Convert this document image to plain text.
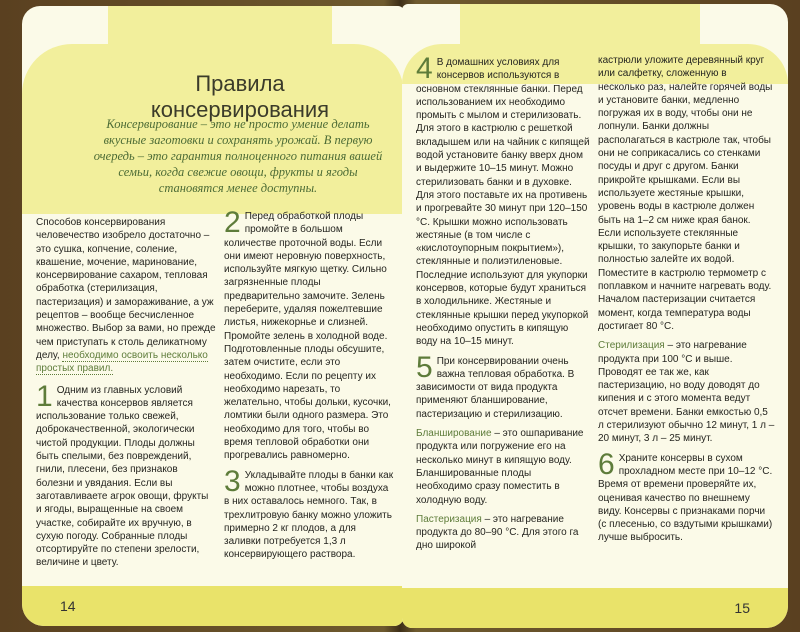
Правила
консервирования

Консервирование – это не просто умение делать вкусные заготовки и сохранять урожай. В первую очередь – это гарантия полноценного питания вашей семьи, когда свежие овощи, фрукты и ягоды становятся менее доступны.

Способов консервирования человечество изобрело достаточно – это сушка, копчение, соление, квашение, мочение, маринование, консервирование сахаром, тепловая обработка (стерилизация, пастеризация) и замораживание, а уж рецептов – вообще бесчисленное множество. Выбор за вами, но прежде чем приступать к столь деликатному делу, необходимо освоить несколько простых правил.

1 Одним из главных условий качества консервов является использование только свежей, доброкачественной, экологически чистой продукции. Плоды должны быть спелыми, без повреждений, гнили, плесени, без признаков болезни и увядания. Если вы заготавливаете агрок овощи, фрукты и ягоды, выращенные на своем участке, собирайте их вручную, в сухую погоду. Собранные плоды отсортируйте по степени зрелости, величине и цвету.

2 Перед обработкой плоды промойте в большом количестве проточной воды. Если они имеют неровную поверхность, используйте мягкую щетку. Сильно загрязненные плоды предварительно замочите. Зелень переберите, удаляя пожелтевшие листья, нижекорнье и слизней. Промойте зелень в холодной воде. Подготовленные плоды обсушите, затем очистите, если это необходимо. Если по рецепту их необходимо нарезать, то желательно, чтобы дольки, кусочки, ломтики были одного размера. Это необходимо для того, чтобы во время тепловой обработки они прогревались равномерно.

3 Укладывайте плоды в банки как можно плотнее, чтобы воздуха в них оставалось немного. Так, в трехлитровую банку можно уложить примерно 2 кг плодов, а для заливки потребуется 1,3 л консервирующего раствора.

14

4 В домашних условиях для консервов используются в основном стеклянные банки. Перед использованием их необходимо промыть с мылом и стерилизовать. Для этого в кастрюлю с решеткой вкладышем или на чайник с кипящей водой установите банку вверх дном и выдержите 10–15 минут. Можно стерилизовать банки и в духовке. Для этого поставьте их на противень и прогревайте 30 минут при 120–150 °С. Крышки можно использовать жестяные (в том числе с «кислотоупорным покрытием»), стеклянные и полиэтиленовые. Последние используют для укупорки консервов, которые будут храниться в холодильнике. Жестяные и стеклянные крышки перед укупоркой необходимо опустить в кипящую воду на 10–15 минут.

5 При консервировании очень важна тепловая обработка. В зависимости от вида продукта применяют бланширование, пастеризацию и стерилизацию.

Бланширование – это ошпаривание продукта или погружение его на несколько минут в кипящую воду. Бланшированные плоды необходимо сразу поместить в холодную воду.

Пастеризация – это нагревание продукта до 80–90 °С. Для этого га дно широкой

кастрюли уложите деревянный круг или салфетку, сложенную в несколько раз, налейте горячей воды и установите банки, медленно погружая их в воду, чтобы они не лопнули. Банки должны располагаться в кастрюле так, чтобы они не соприкасались со стенками посуды и друг с другом. Банки прикройте крышками. Если вы используете жестяные крышки, уровень воды в кастрюле должен быть на 1–2 см ниже края банок. Если используете стеклянные крышки, то закупорьте банки и полностью залейте их водой. Поместите в кастрюлю термометр с поплавком и начните нагревать воду. Началом пастеризации считается момент, когда температура воды достигает 80 °С.

Стерилизация – это нагревание продукта при 100 °С и выше. Проводят ее так же, как пастеризацию, но воду доводят до кипения и с этого момента ведут отсчет времени. Банки емкостью 0,5 л стерилизуют обычно 12 минут, 1 л – 20 минут, 3 л – 25 минут.

6 Храните консервы в сухом прохладном месте при 10–12 °С. Время от времени проверяйте их, оценивая качество по внешнему виду. Консервы с признаками порчи (с плесенью, со вздутыми крышками) лучше выбросить.

15
